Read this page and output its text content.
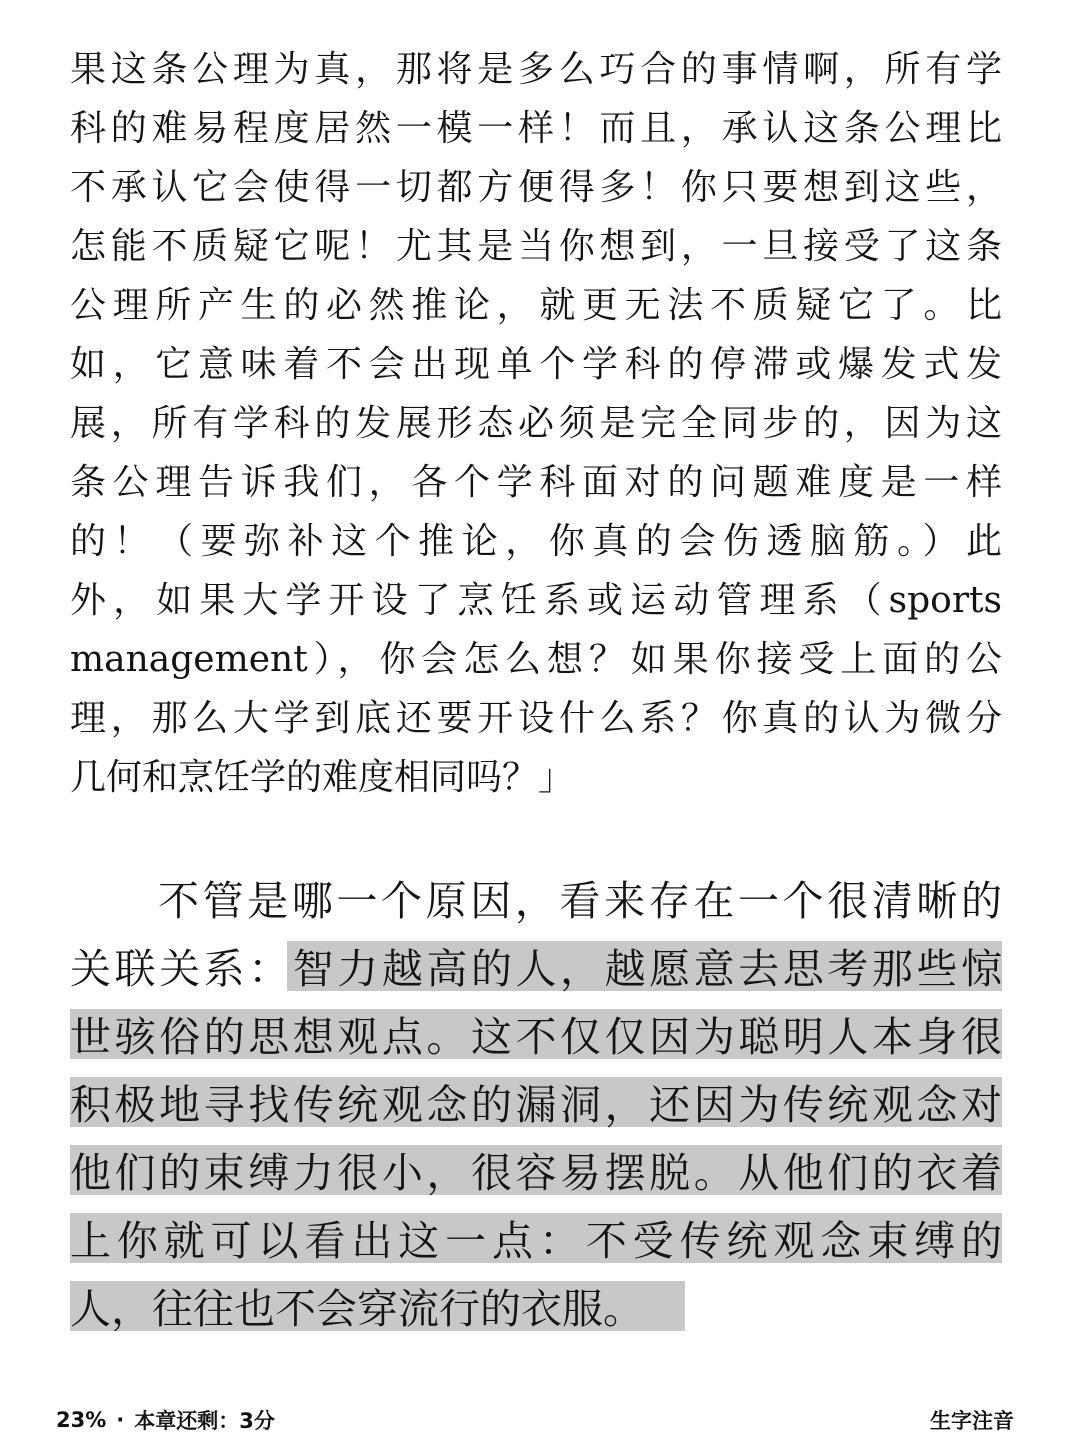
果这条公理为真，那将是多么巧合的事情啊，所有学
科的难易程度居然一模一样！而且，承认这条公理比
不承认它会使得一切都方便得多！你只要想到这些，
怎能不质疑它呢！尤其是当你想到，一旦接受了这条
公理所产生的必然推论，就更无法不质疑它了。比
如，它意味着不会出现单个学科的停滞或爆发式发
展，所有学科的发展形态必须是完全同步的，因为这
条公理告诉我们，各个学科面对的问题难度是一样
的！（要弥补这个推论，你真的会伤透脑筋。）此
外，如果大学开设了烹饪系或运动管理系（sports
management），你会怎么想？如果你接受上面的公
理，那么大学到底还要开设什么系？你真的认为微分
几何和烹饪学的难度相同吗？」
不管是哪一个原因，看来存在一个很清晰的
关联关系：智力越高的人，越愿意去思考那些惊
世骇俗的思想观点。这不仅仅因为聪明人本身很
积极地寻找传统观念的漏洞，还因为传统观念对
他们的束缚力很小，很容易摆脱。从他们的衣着
上你就可以看出这一点：不受传统观念束缚的
人，往往也不会穿流行的衣服。
23% · 本章还剩：3分	生字注音
